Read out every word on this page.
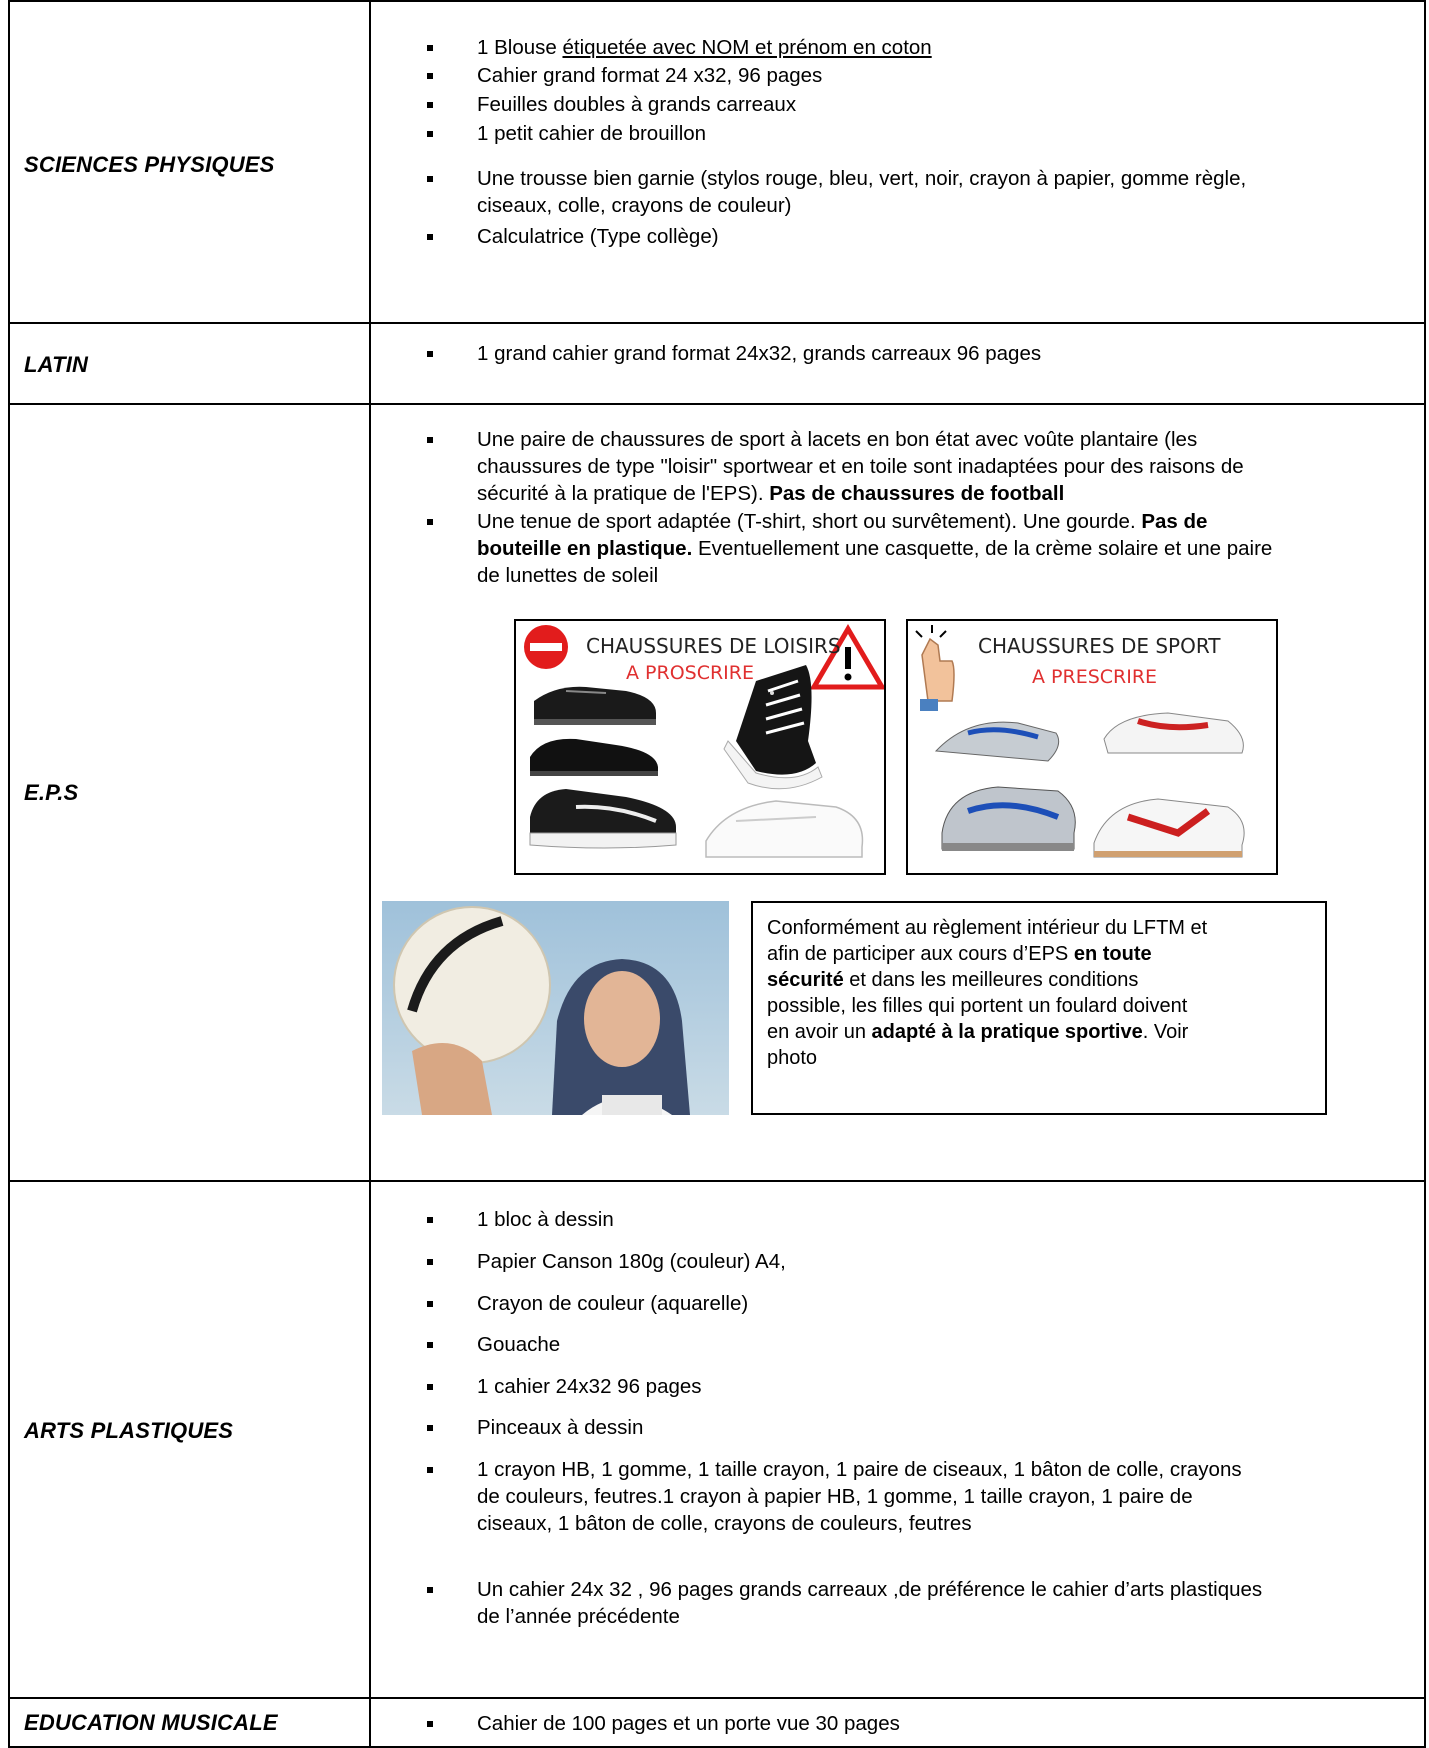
SCIENCES PHYSIQUES
1 Blouse étiquetée avec NOM et prénom en coton
Cahier grand format 24 x32, 96 pages
Feuilles doubles à grands carreaux
1 petit cahier de brouillon
Une trousse bien garnie (stylos rouge, bleu, vert, noir, crayon à papier, gomme règle,
ciseaux, colle, crayons de couleur)
Calculatrice (Type collège)
LATIN	1 grand cahier grand format 24x32, grands carreaux 96 pages
E.P.S
Une paire de chaussures de sport à lacets en bon état avec voûte plantaire (les
chaussures de type "loisir" sportwear et en toile sont inadaptées pour des raisons de
sécurité à la pratique de l'EPS). Pas de chaussures de football
Une tenue de sport adaptée (T-shirt, short ou survêtement). Une gourde. Pas de
bouteille en plastique. Eventuellement une casquette, de la crème solaire et une paire
de lunettes de soleil
CHAUSSURES DE LOISIRS
A PROSCRIRE
CHAUSSURES DE SPORT
A PRESCRIRE
Conformément au règlement intérieur du LFTM et
afin de participer aux cours d’EPS en toute
sécurité et dans les meilleures conditions
possible, les filles qui portent un foulard doivent
en avoir un adapté à la pratique sportive. Voir
photo
ARTS PLASTIQUES
1 bloc à dessin
Papier Canson 180g (couleur) A4,
Crayon de couleur (aquarelle)
Gouache
1 cahier 24x32 96 pages
Pinceaux à dessin
1 crayon HB, 1 gomme, 1 taille crayon, 1 paire de ciseaux, 1 bâton de colle, crayons
de couleurs, feutres.1 crayon à papier HB, 1 gomme, 1 taille crayon, 1 paire de
ciseaux, 1 bâton de colle, crayons de couleurs, feutres
Un cahier 24x 32 , 96 pages grands carreaux ,de préférence le cahier d’arts plastiques
de l’année précédente
EDUCATION MUSICALE	Cahier de 100 pages et un porte vue 30 pages
